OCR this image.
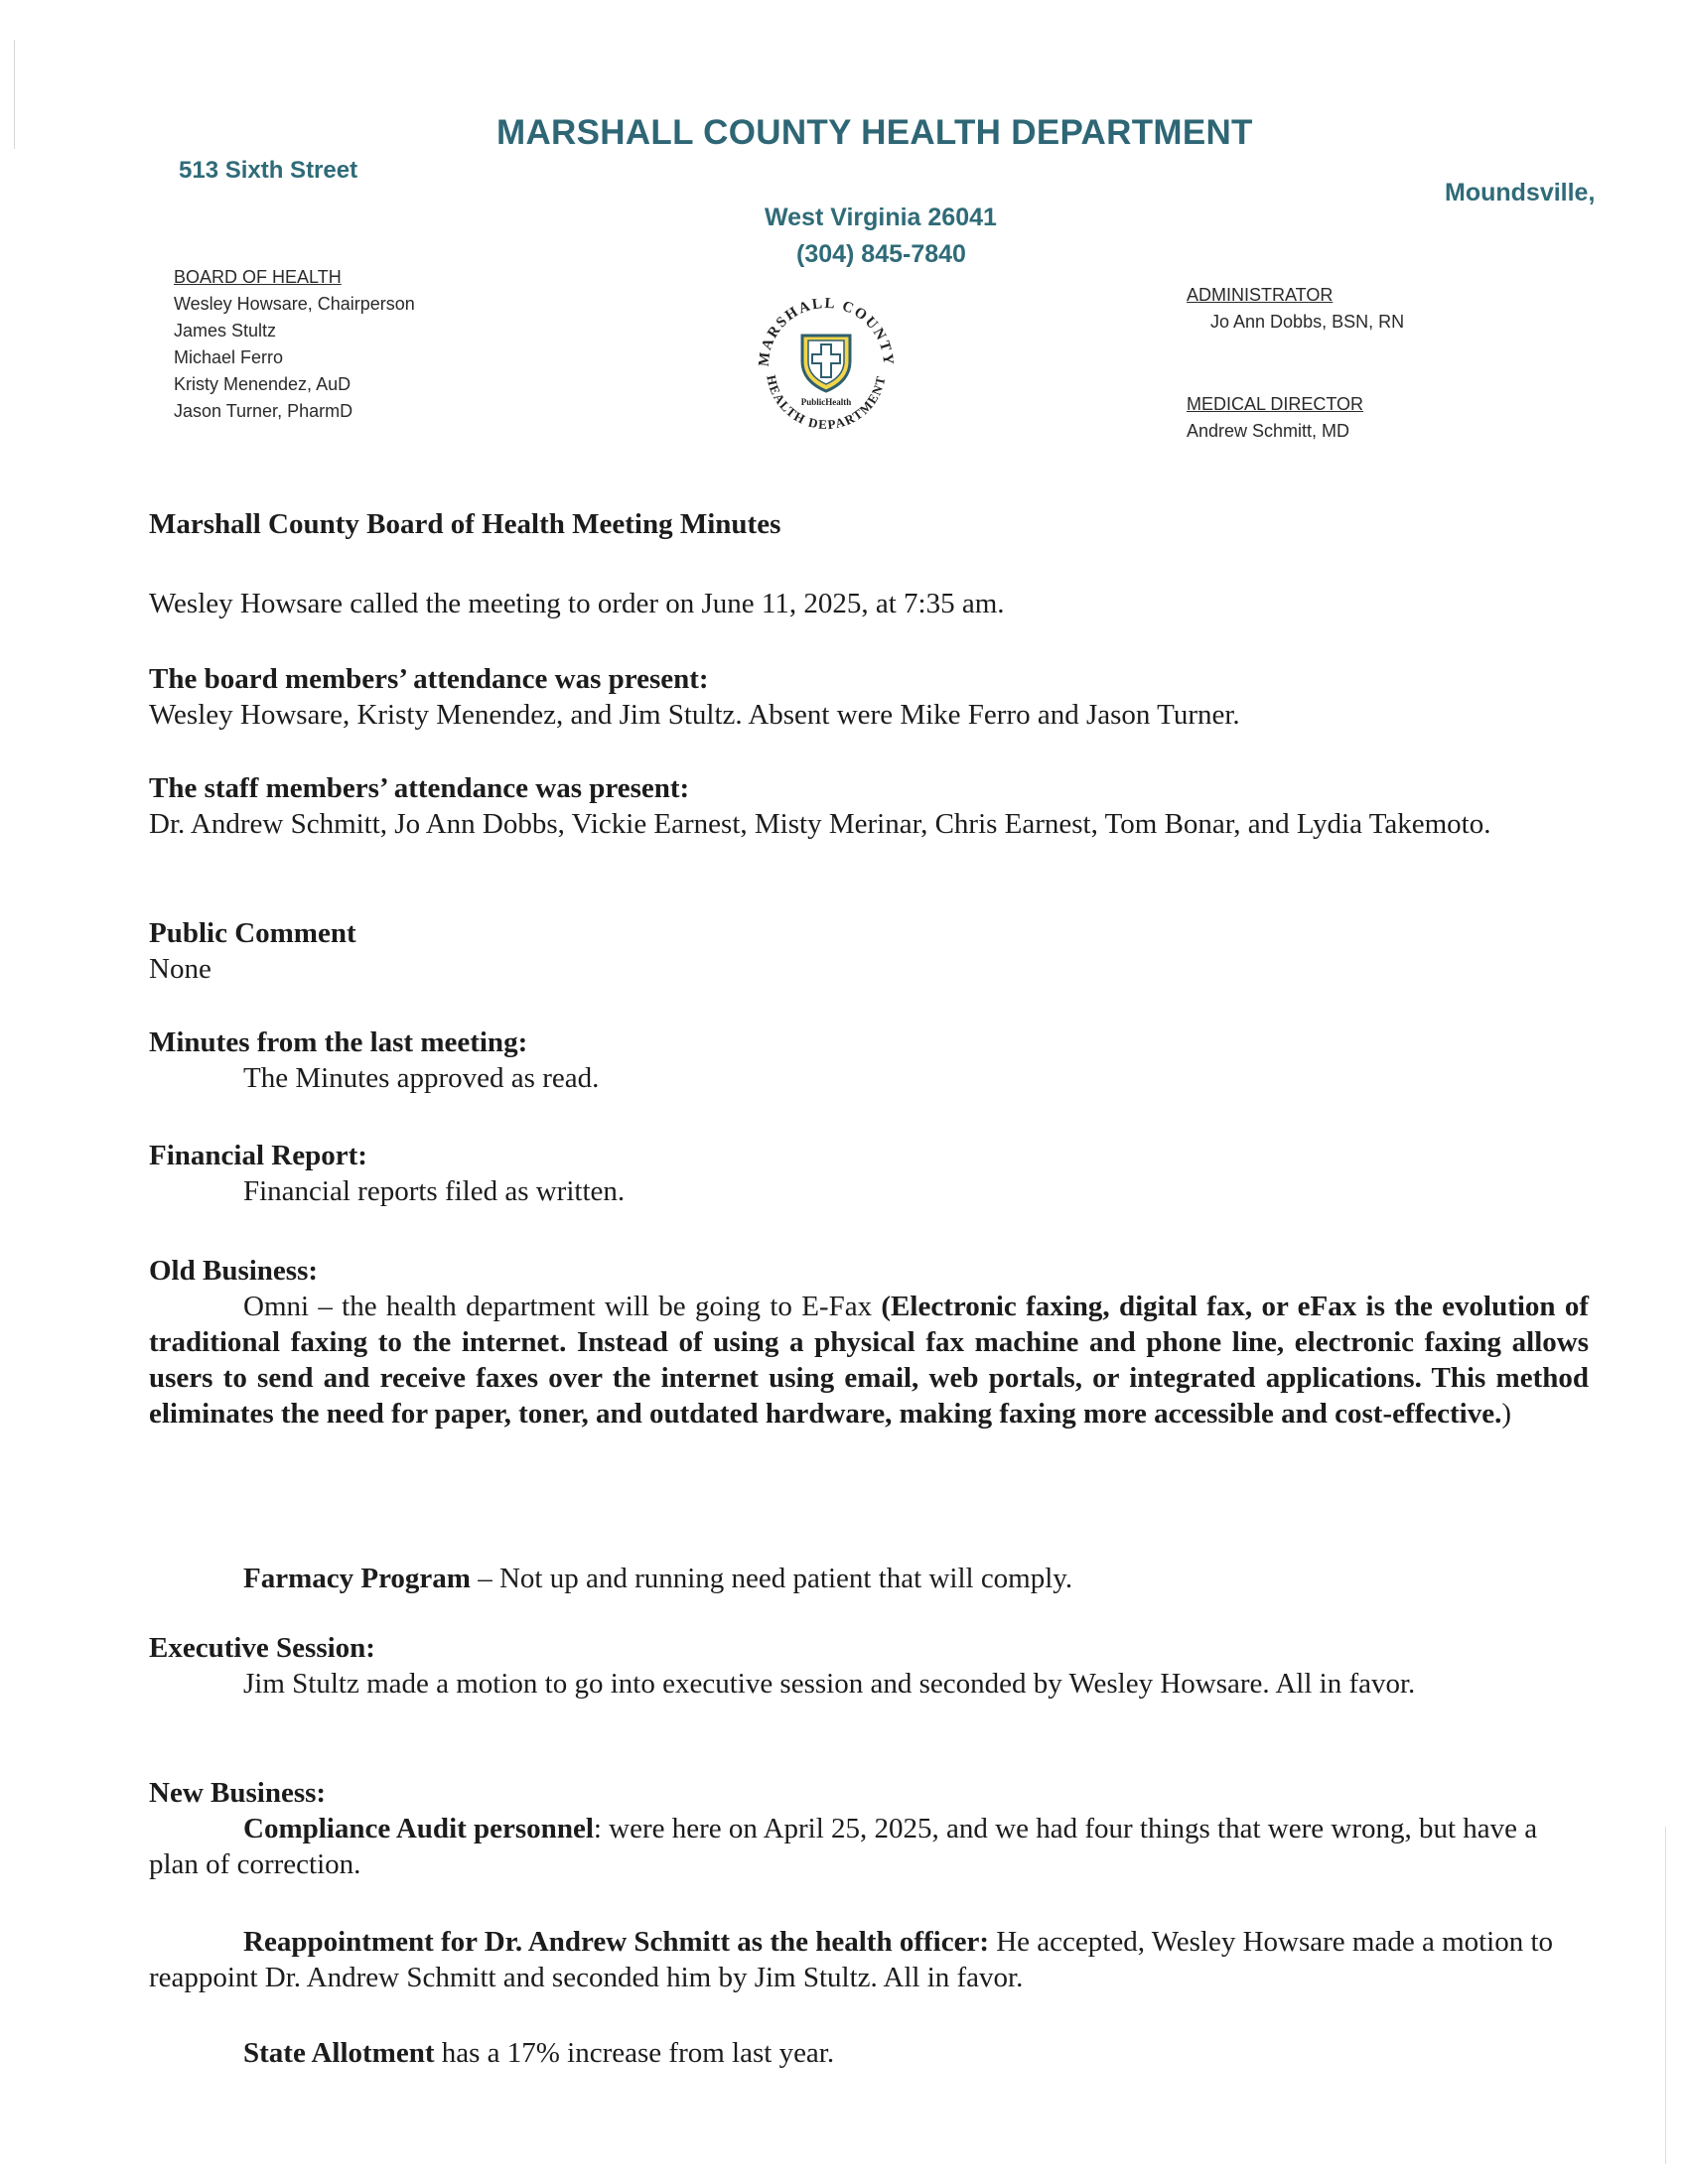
MARSHALL COUNTY HEALTH DEPARTMENT
513 Sixth Street
Moundsville,
West Virginia 26041
(304) 845-7840
BOARD OF HEALTH
Wesley Howsare, Chairperson
James Stultz
Michael Ferro
Kristy Menendez, AuD
Jason Turner, PharmD
ADMINISTRATOR
Jo Ann Dobbs, BSN, RN
MEDICAL DIRECTOR
Andrew Schmitt, MD
MARSHALL COUNTY
HEALTH DEPARTMENT
PublicHealth

Marshall County Board of Health Meeting Minutes

Wesley Howsare called the meeting to order on June 11, 2025, at 7:35 am.

The board members’ attendance was present:

Wesley Howsare, Kristy Menendez, and Jim Stultz. Absent were Mike Ferro and Jason Turner.

The staff members’ attendance was present:

Dr. Andrew Schmitt, Jo Ann Dobbs, Vickie Earnest, Misty Merinar, Chris Earnest, Tom Bonar, and Lydia Takemoto.

Public Comment

None

Minutes from the last meeting:

The Minutes approved as read.

Financial Report:

Financial reports filed as written.

Old Business:

Omni – the health department will be going to E-Fax (Electronic faxing, digital fax, or eFax is the evolution of traditional faxing to the internet. Instead of using a physical fax machine and phone line, electronic faxing allows users to send and receive faxes over the internet using email, web portals, or integrated applications. This method eliminates the need for paper, toner, and outdated hardware, making faxing more accessible and cost-effective.)

Farmacy Program – Not up and running need patient that will comply.

Executive Session:

Jim Stultz made a motion to go into executive session and seconded by Wesley Howsare. All in favor.

New Business:

Compliance Audit personnel: were here on April 25, 2025, and we had four things that were wrong, but have a plan of correction.

Reappointment for Dr. Andrew Schmitt as the health officer: He accepted, Wesley Howsare made a motion to reappoint Dr. Andrew Schmitt and seconded him by Jim Stultz. All in favor.

State Allotment has a 17% increase from last year.
